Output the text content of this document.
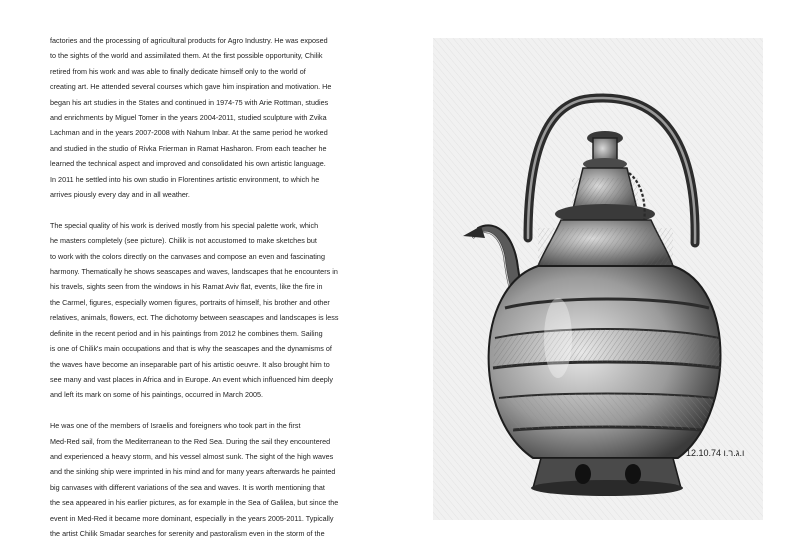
factories and the processing of agricultural products for Agro Industry. He was exposed

to the sights of the world and assimilated them. At the first possible opportunity, Chilik

retired from his work and was able to finally dedicate himself only to the world of

creating art. He attended several courses which gave him inspiration and motivation. He

began his art studies in the States and continued in 1974-75 with Arie Rottman, studies

and enrichments by Miguel Tomer in the years 2004-2011, studied sculpture with Zvika

Lachman and in the years 2007-2008 with Nahum Inbar. At the same period he worked

and studied in the studio of Rivka Frierman in Ramat Hasharon. From each teacher he

learned the technical aspect and improved and consolidated his own artistic language.

In 2011 he settled into his own studio in Florentines artistic environment, to which he

arrives piously every day and in all weather.

The special quality of his work is derived mostly from his special palette work, which

he masters completely (see picture). Chilik is not accustomed to make sketches but

to work with the colors directly on the canvases and compose an even and fascinating

harmony. Thematically he shows seascapes and waves, landscapes that he encounters in

his travels, sights seen from the windows in his Ramat Aviv flat, events, like the fire in

the Carmel, figures, especially women figures, portraits of himself, his brother and other

relatives, animals, flowers, ect. The dichotomy between seascapes and landscapes is less

definite in the recent period and in his paintings from 2012 he combines them. Sailing

is one of Chilik's main occupations and that is why the seascapes and the dynamisms of

the waves have become an inseparable part of his artistic oeuvre. It also brought him to

see many and vast places in Africa and in Europe. An event which influenced him deeply

and left its mark on some of his paintings, occurred in March 2005.

He was one of the members of Israelis and foreigners who took part in the first

Med-Red sail, from the Mediterranean to the Red Sea. During the sail they encountered

and experienced a heavy storm, and his vessel almost sunk. The sight of the high waves

and the sinking ship were imprinted in his mind and for many years afterwards he painted

big canvases with different variations of the sea and waves. It is worth mentioning that

the sea appeared in his earlier pictures, as for example in the Sea of Galilea, but since the

event in Med-Red it became more dominant, especially in the years 2005-2011. Typically

the artist Chilik Smadar searches for serenity and pastoralism even in the storm of the

12.10.74 ו.ג.ר.ו
